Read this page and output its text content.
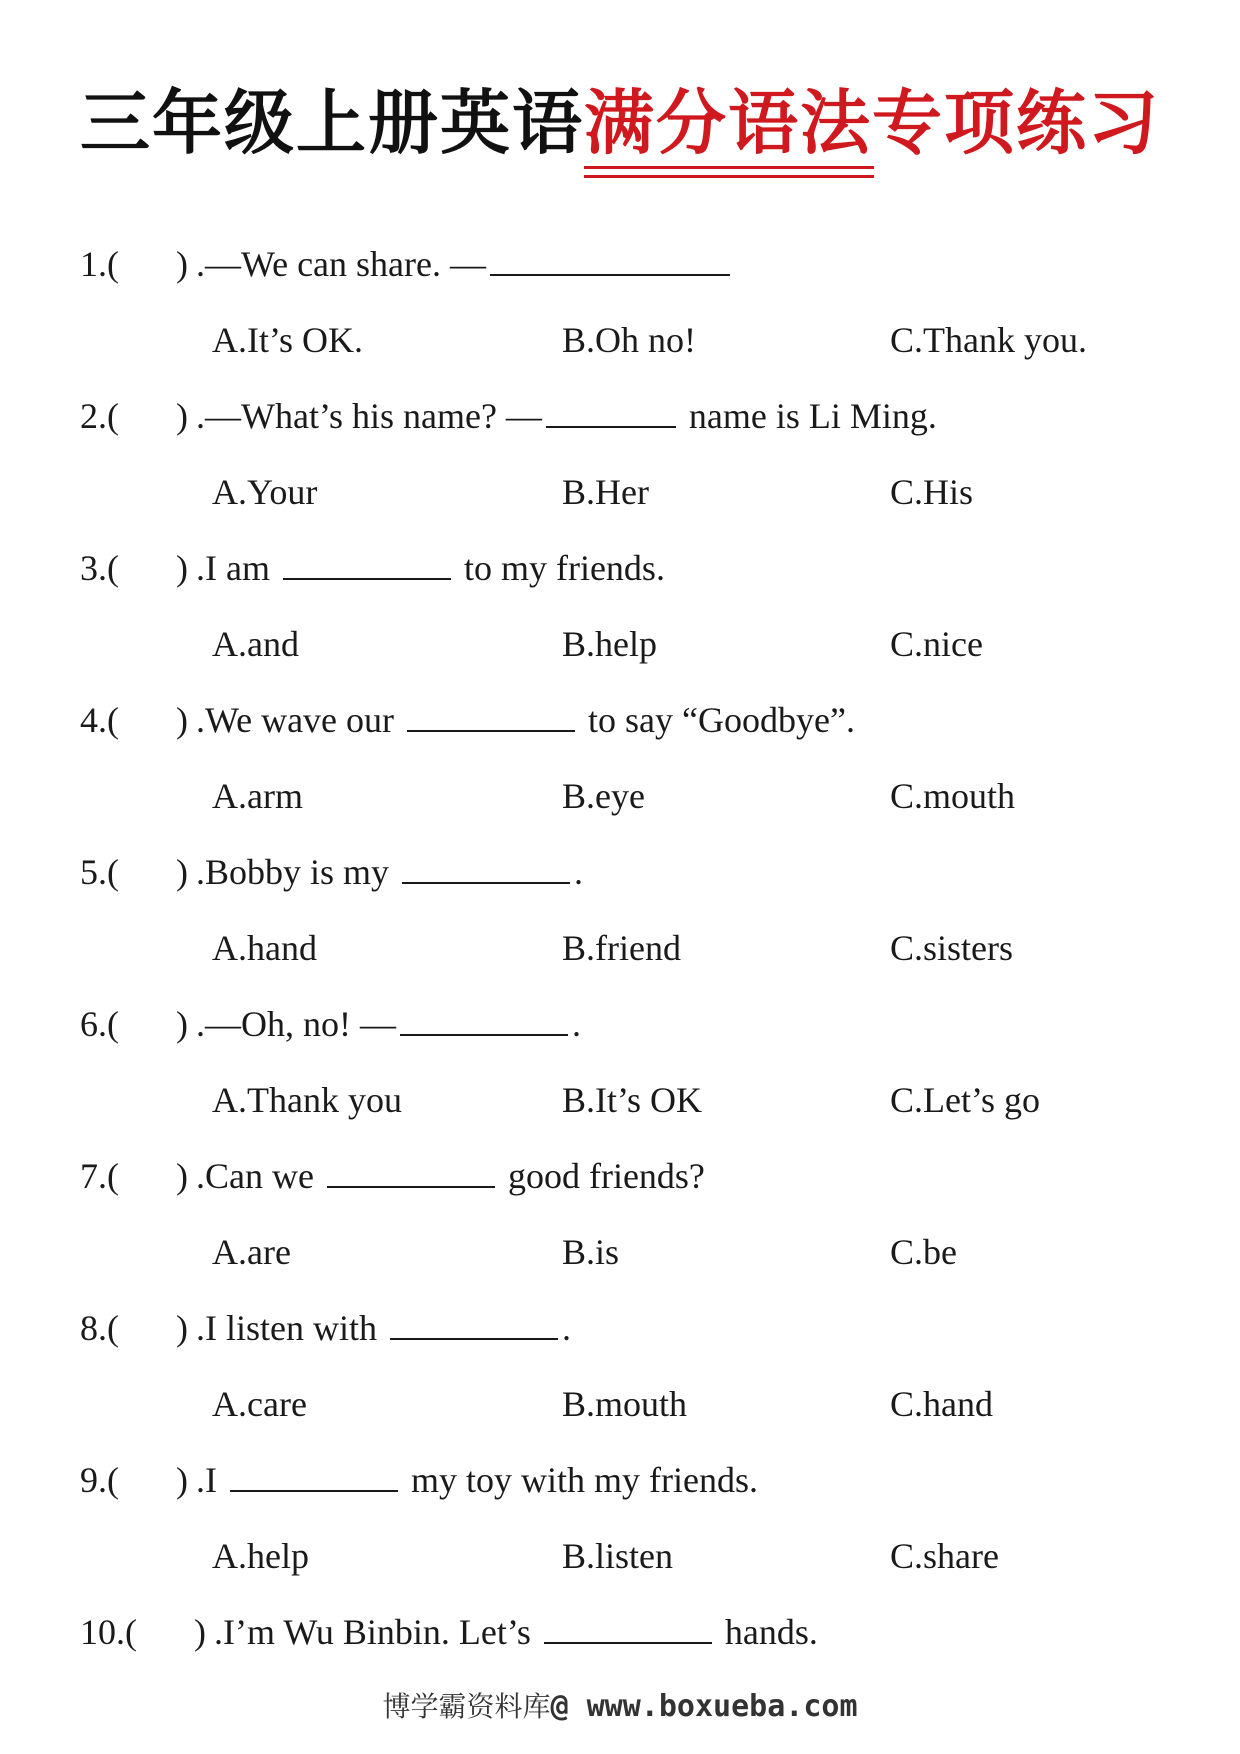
三年级上册英语满分语法专项练习
1.( ) .—We can share. —
A.It’s OK.	B.Oh no!	C.Thank you.
2.( ) .—What’s his name? —	name is Li Ming.
A.Your	B.Her	C.His
3.( ) .I am	to my friends.
A.and	B.help	C.nice
4.( ) .We wave our	to say “Goodbye”.
A.arm	B.eye	C.mouth
5.( ) .Bobby is my	.
A.hand	B.friend	C.sisters
6.( ) .—Oh, no! —	.
A.Thank you	B.It’s OK	C.Let’s go
7.( ) .Can we	good friends?
A.are	B.is	C.be
8.( ) .I listen with	.
A.care	B.mouth	C.hand
9.( ) .I	my toy with my friends.
A.help	B.listen	C.share
10.( ) .I’m Wu Binbin. Let’s	hands.
博学霸资料库@ www.boxueba.com
